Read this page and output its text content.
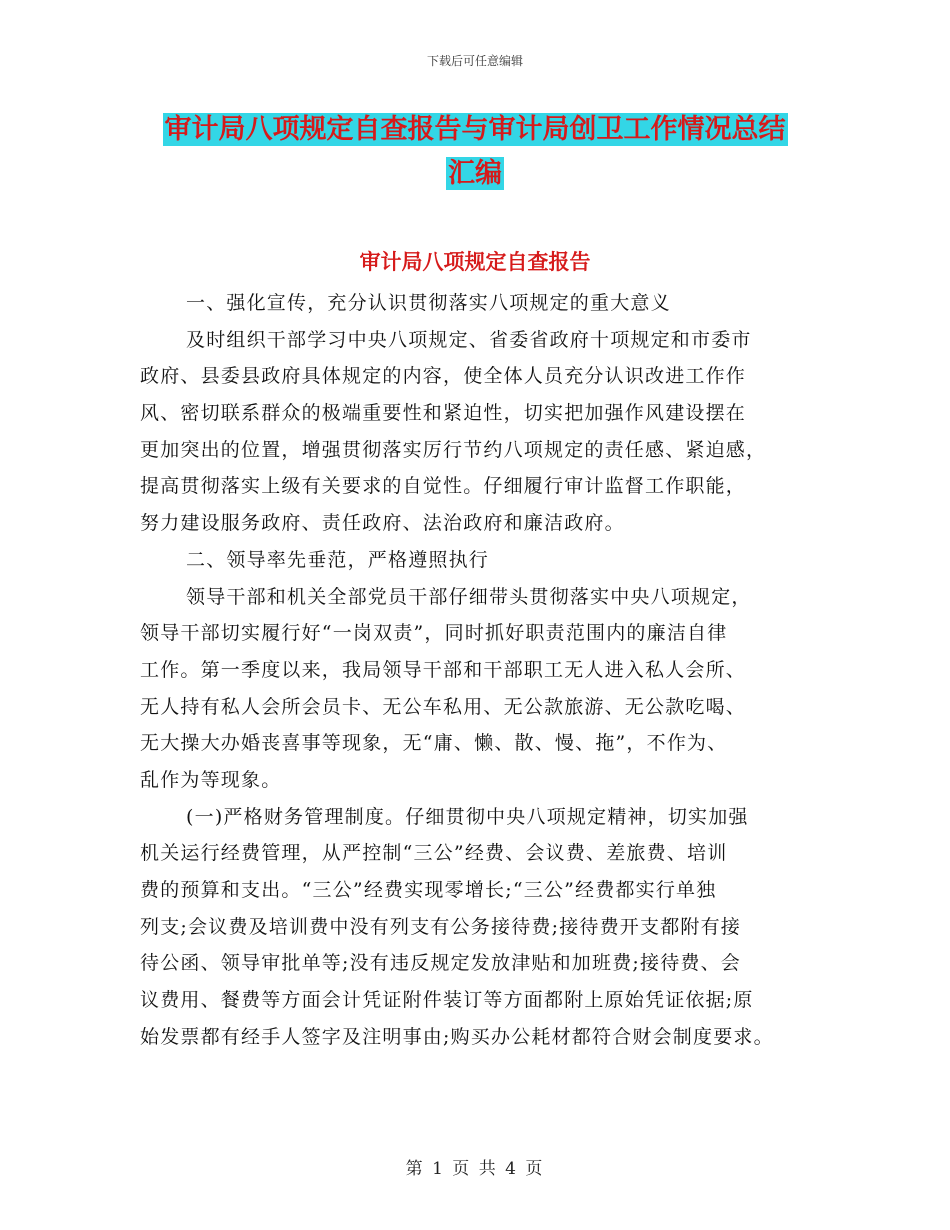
下载后可任意编辑
审计局八项规定自查报告与审计局创卫工作情况总结
汇编
审计局八项规定自查报告
一、强化宣传，充分认识贯彻落实八项规定的重大意义
及时组织干部学习中央八项规定、省委省政府十项规定和市委市
政府、县委县政府具体规定的内容，使全体人员充分认识改进工作作
风、密切联系群众的极端重要性和紧迫性，切实把加强作风建设摆在
更加突出的位置，增强贯彻落实厉行节约八项规定的责任感、紧迫感，
提高贯彻落实上级有关要求的自觉性。仔细履行审计监督工作职能，
努力建设服务政府、责任政府、法治政府和廉洁政府。
二、领导率先垂范，严格遵照执行
领导干部和机关全部党员干部仔细带头贯彻落实中央八项规定，
领导干部切实履行好“一岗双责”，同时抓好职责范围内的廉洁自律
工作。第一季度以来，我局领导干部和干部职工无人进入私人会所、
无人持有私人会所会员卡、无公车私用、无公款旅游、无公款吃喝、
无大操大办婚丧喜事等现象，无“庸、懒、散、慢、拖”，不作为、
乱作为等现象。
(一)严格财务管理制度。仔细贯彻中央八项规定精神，切实加强
机关运行经费管理，从严控制“三公”经费、会议费、差旅费、培训
费的预算和支出。“三公”经费实现零增长;“三公”经费都实行单独
列支;会议费及培训费中没有列支有公务接待费;接待费开支都附有接
待公函、领导审批单等;没有违反规定发放津贴和加班费;接待费、会
议费用、餐费等方面会计凭证附件装订等方面都附上原始凭证依据;原
始发票都有经手人签字及注明事由;购买办公耗材都符合财会制度要求。
第 1 页 共 4 页
